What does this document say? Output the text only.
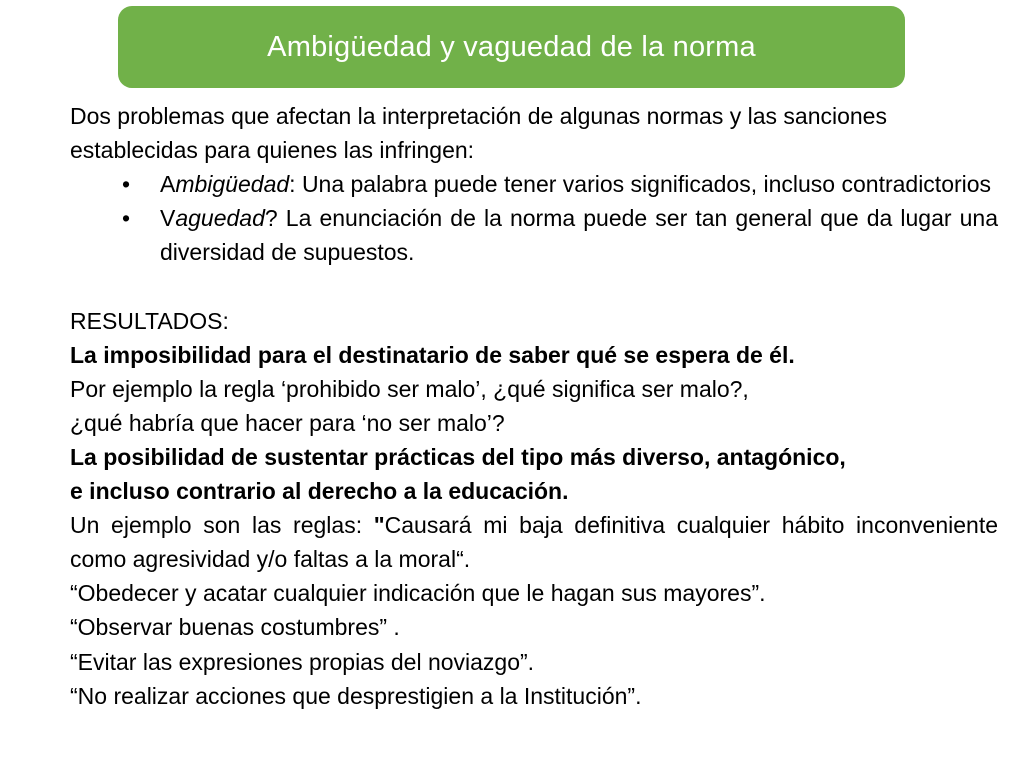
Ambigüedad y vaguedad de la norma

Dos problemas que afectan la interpretación de algunas normas y las sanciones establecidas para quienes las infringen:

• Ambigüedad: Una palabra puede tener varios significados, incluso contradictorios
• Vaguedad? La enunciación de la norma puede ser tan general que da lugar una diversidad de supuestos.

RESULTADOS:

La imposibilidad para el destinatario de saber qué se espera de él.

Por ejemplo la regla ‘prohibido ser malo’, ¿qué significa ser malo?,

¿qué habría que hacer para ‘no ser malo’?

La posibilidad de sustentar prácticas del tipo más diverso, antagónico,

e incluso contrario al derecho a la educación.

Un ejemplo son las reglas: "Causará mi baja definitiva cualquier hábito inconveniente como agresividad y/o faltas a la moral“.

“Obedecer y acatar cualquier indicación que le hagan sus mayores”.

“Observar buenas costumbres” .

“Evitar las expresiones propias del noviazgo”.

“No realizar acciones que desprestigien a la Institución”.
